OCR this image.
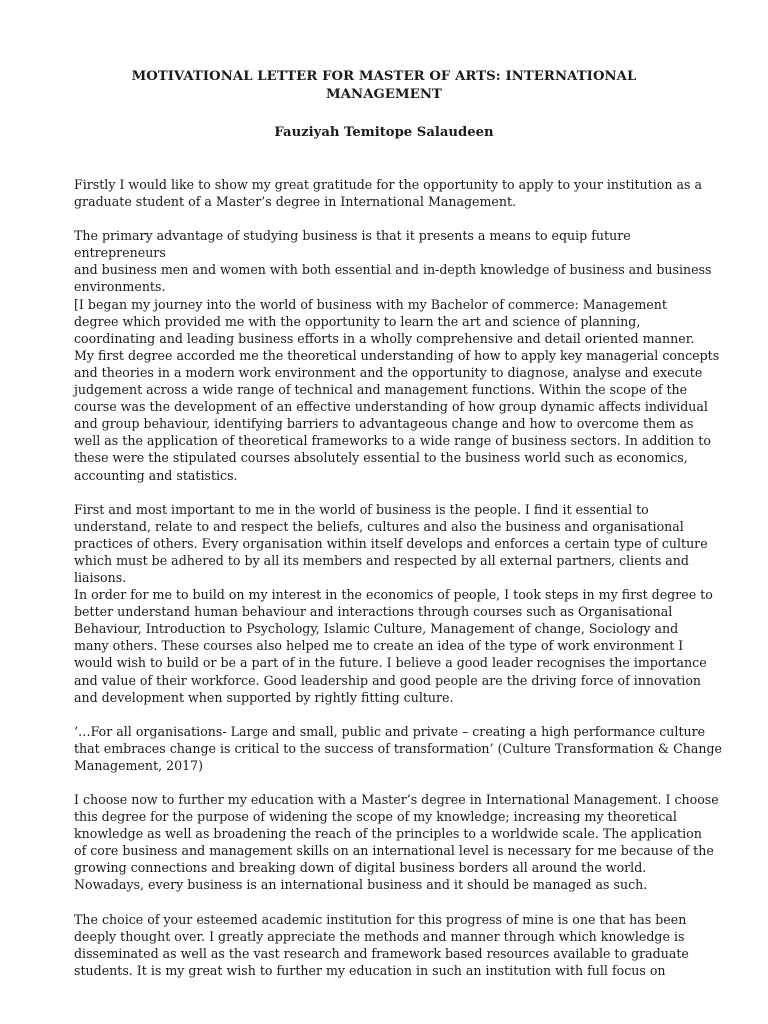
MOTIVATIONAL LETTER FOR MASTER OF ARTS: INTERNATIONAL
MANAGEMENT
Fauziyah Temitope Salaudeen

Firstly I would like to show my great gratitude for the opportunity to apply to your institution as a
graduate student of a Master’s degree in International Management.

The primary advantage of studying business is that it presents a means to equip future entrepreneurs
and business men and women with both essential and in-depth knowledge of business and business
environments.

[I began my journey into the world of business with my Bachelor of commerce: Management
degree which provided me with the opportunity to learn the art and science of planning,
coordinating and leading business efforts in a wholly comprehensive and detail oriented manner.
My first degree accorded me the theoretical understanding of how to apply key managerial concepts
and theories in a modern work environment and the opportunity to diagnose, analyse and execute
judgement across a wide range of technical and management functions. Within the scope of the
course was the development of an effective understanding of how group dynamic affects individual
and group behaviour, identifying barriers to advantageous change and how to overcome them as
well as the application of theoretical frameworks to a wide range of business sectors. In addition to
these were the stipulated courses absolutely essential to the business world such as economics,
accounting and statistics.

First and most important to me in the world of business is the people. I find it essential to
understand, relate to and respect the beliefs, cultures and also the business and organisational
practices of others. Every organisation within itself develops and enforces a certain type of culture
which must be adhered to by all its members and respected by all external partners, clients and
liaisons.

In order for me to build on my interest in the economics of people, I took steps in my first degree to
better understand human behaviour and interactions through courses such as Organisational
Behaviour, Introduction to Psychology, Islamic Culture, Management of change, Sociology and
many others. These courses also helped me to create an idea of the type of work environment I
would wish to build or be a part of in the future. I believe a good leader recognises the importance
and value of their workforce. Good leadership and good people are the driving force of innovation
and development when supported by rightly fitting culture.

‘…For all organisations- Large and small, public and private – creating a high performance culture
that embraces change is critical to the success of transformation’ (Culture Transformation & Change
Management, 2017)

I choose now to further my education with a Master’s degree in International Management. I choose
this degree for the purpose of widening the scope of my knowledge; increasing my theoretical
knowledge as well as broadening the reach of the principles to a worldwide scale. The application
of core business and management skills on an international level is necessary for me because of the
growing connections and breaking down of digital business borders all around the world.
Nowadays, every business is an international business and it should be managed as such.

The choice of your esteemed academic institution for this progress of mine is one that has been
deeply thought over. I greatly appreciate the methods and manner through which knowledge is
disseminated as well as the vast research and framework based resources available to graduate
students. It is my great wish to further my education in such an institution with full focus on
